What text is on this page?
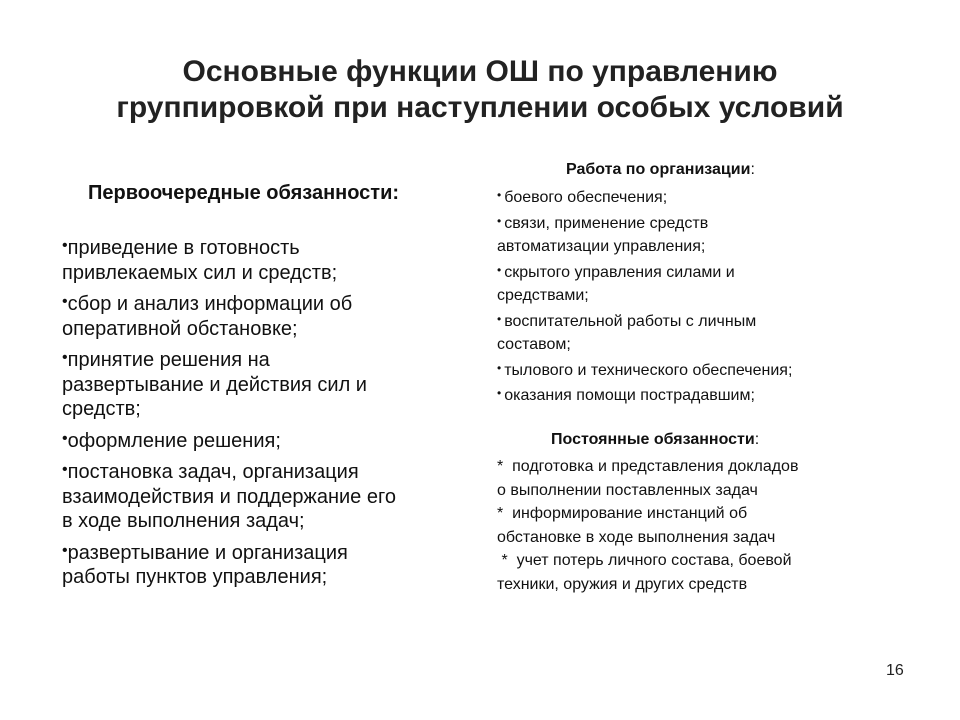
Основные функции ОШ по управлению
группировкой при наступлении особых условий
Первоочередные обязанности:
•приведение в готовность
привлекаемых сил и средств;
•сбор и анализ информации об
оперативной обстановке;
•принятие решения на
развертывание и действия сил и
средств;
•оформление решения;
•постановка задач, организация
взаимодействия и поддержание его
в ходе выполнения задач;
•развертывание и организация
работы пунктов управления;
Работа по организации:
• боевого обеспечения;
• связи, применение средств
автоматизации управления;
• скрытого управления силами и
средствами;
• воспитательной работы с личным
составом;
• тылового и технического обеспечения;
• оказания помощи пострадавшим;
Постоянные обязанности:
*  подготовка и представления докладов
о выполнении поставленных задач
*  информирование инстанций об
обстановке в ходе выполнения задач
*  учет потерь личного состава, боевой
техники, оружия и других средств
16
